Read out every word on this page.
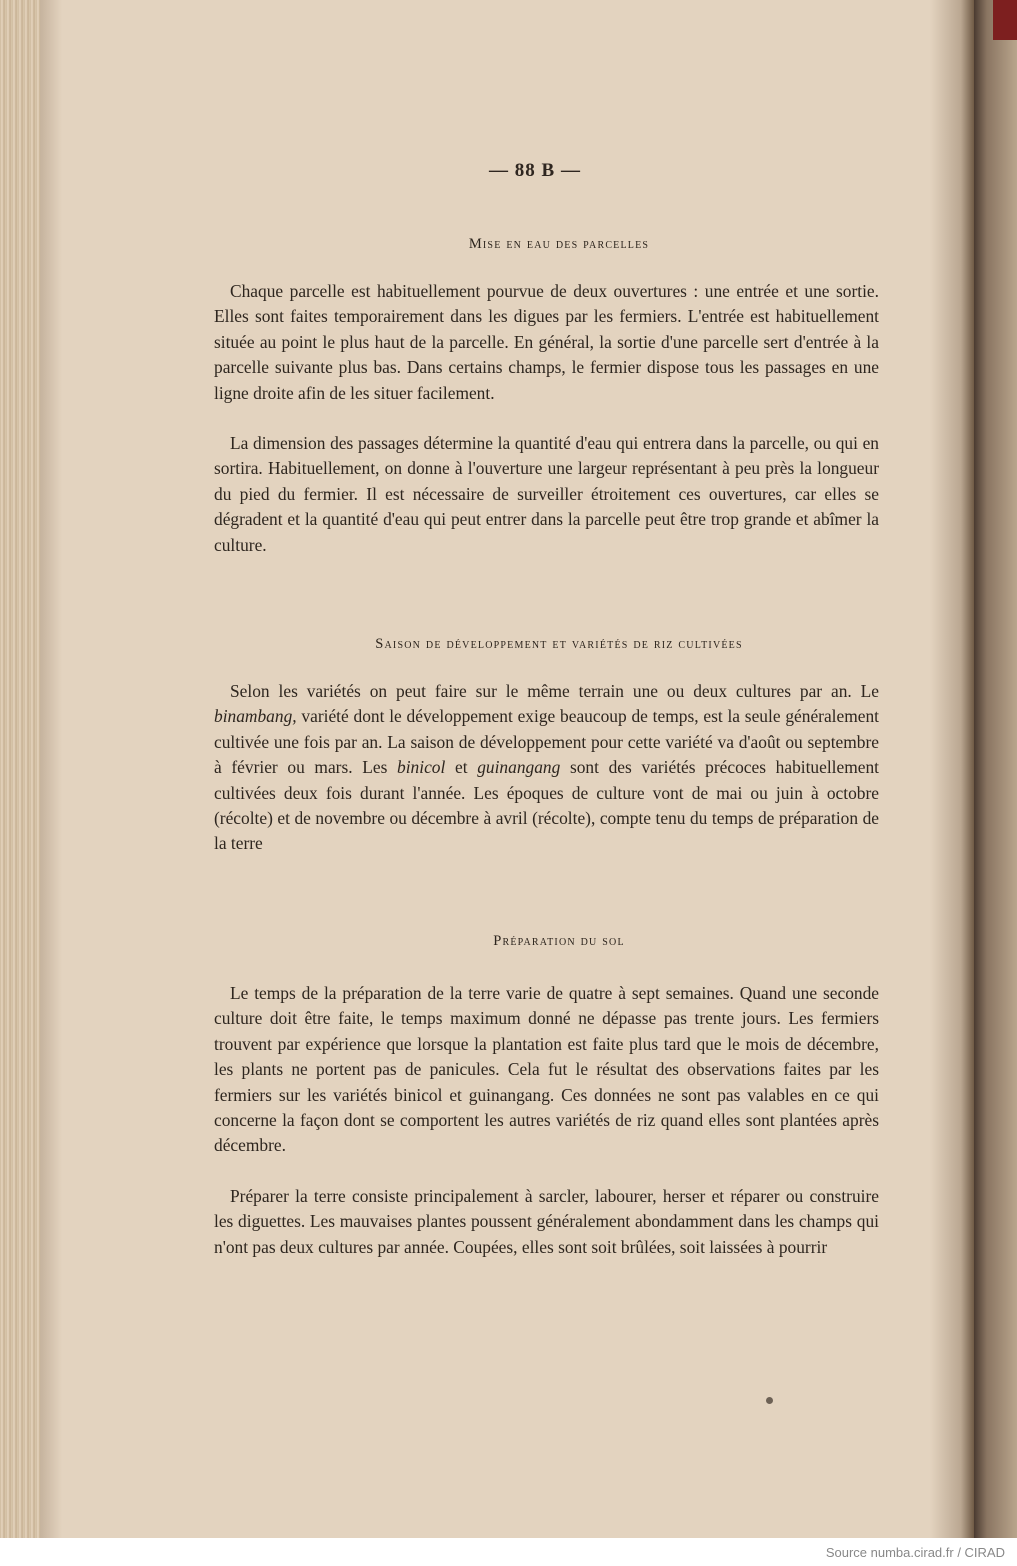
— 88 B —
Mise en eau des parcelles

Chaque parcelle est habituellement pourvue de deux ouvertures : une entrée et une sortie. Elles sont faites temporairement dans les digues par les fermiers. L'entrée est habituellement située au point le plus haut de la parcelle. En général, la sortie d'une parcelle sert d'entrée à la parcelle suivante plus bas. Dans certains champs, le fermier dispose tous les passages en une ligne droite afin de les situer facilement.

La dimension des passages détermine la quantité d'eau qui entrera dans la parcelle, ou qui en sortira. Habituellement, on donne à l'ouverture une largeur représentant à peu près la longueur du pied du fermier. Il est nécessaire de surveiller étroitement ces ouvertures, car elles se dégradent et la quantité d'eau qui peut entrer dans la parcelle peut être trop grande et abîmer la culture.

Saison de développement et variétés de riz cultivées

Selon les variétés on peut faire sur le même terrain une ou deux cultures par an. Le binambang, variété dont le développement exige beaucoup de temps, est la seule généralement cultivée une fois par an. La saison de développement pour cette variété va d'août ou septembre à février ou mars. Les binicol et guinangang sont des variétés précoces habituellement cultivées deux fois durant l'année. Les époques de culture vont de mai ou juin à octobre (récolte) et de novembre ou décembre à avril (récolte), compte tenu du temps de préparation de la terre

Préparation du sol

Le temps de la préparation de la terre varie de quatre à sept semaines. Quand une seconde culture doit être faite, le temps maximum donné ne dépasse pas trente jours. Les fermiers trouvent par expérience que lorsque la plantation est faite plus tard que le mois de décembre, les plants ne portent pas de panicules. Cela fut le résultat des observations faites par les fermiers sur les variétés binicol et guinangang. Ces données ne sont pas valables en ce qui concerne la façon dont se comportent les autres variétés de riz quand elles sont plantées après décembre.

Préparer la terre consiste principalement à sarcler, labourer, herser et réparer ou construire les diguettes. Les mauvaises plantes poussent généralement abondamment dans les champs qui n'ont pas deux cultures par année. Coupées, elles sont soit brûlées, soit laissées à pourrir

Source numba.cirad.fr / CIRAD
